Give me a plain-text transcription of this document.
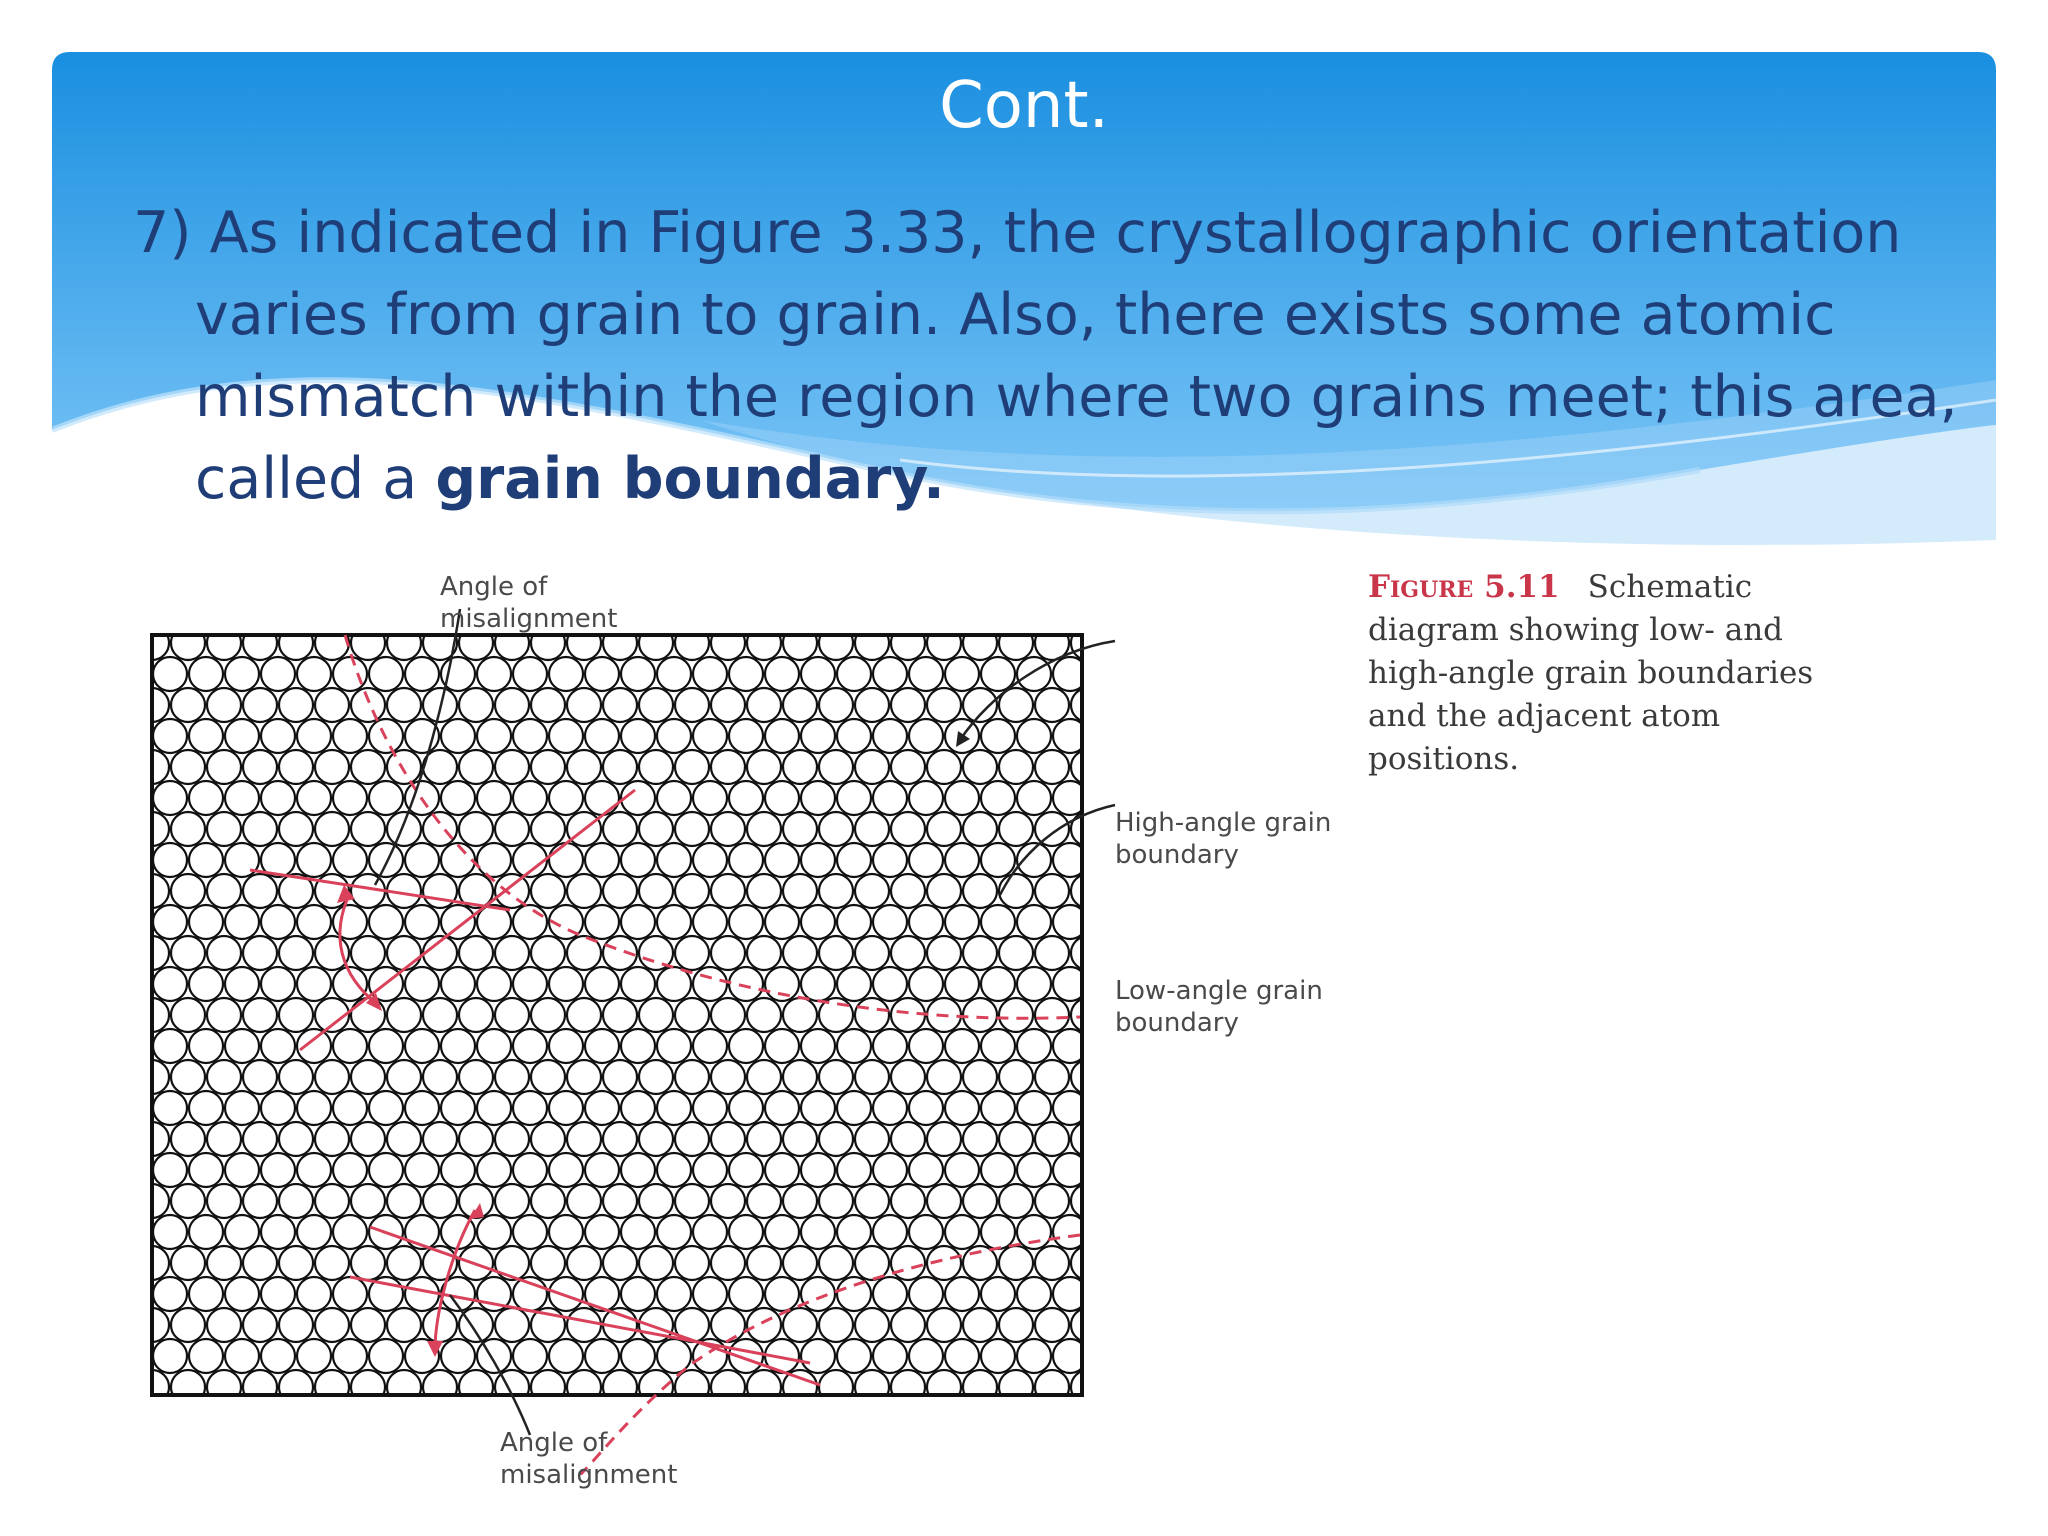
Cont.

7) As indicated in Figure 3.33, the crystallographic orientation varies from grain to grain. Also, there exists some atomic mismatch within the region where two grains meet; this area, called a grain boundary.

Angle of misalignment
High-angle grain boundary
Low-angle grain boundary
Angle of misalignment
Figure 5.11 Schematic diagram showing low- and high-angle grain boundaries and the adjacent atom positions.
